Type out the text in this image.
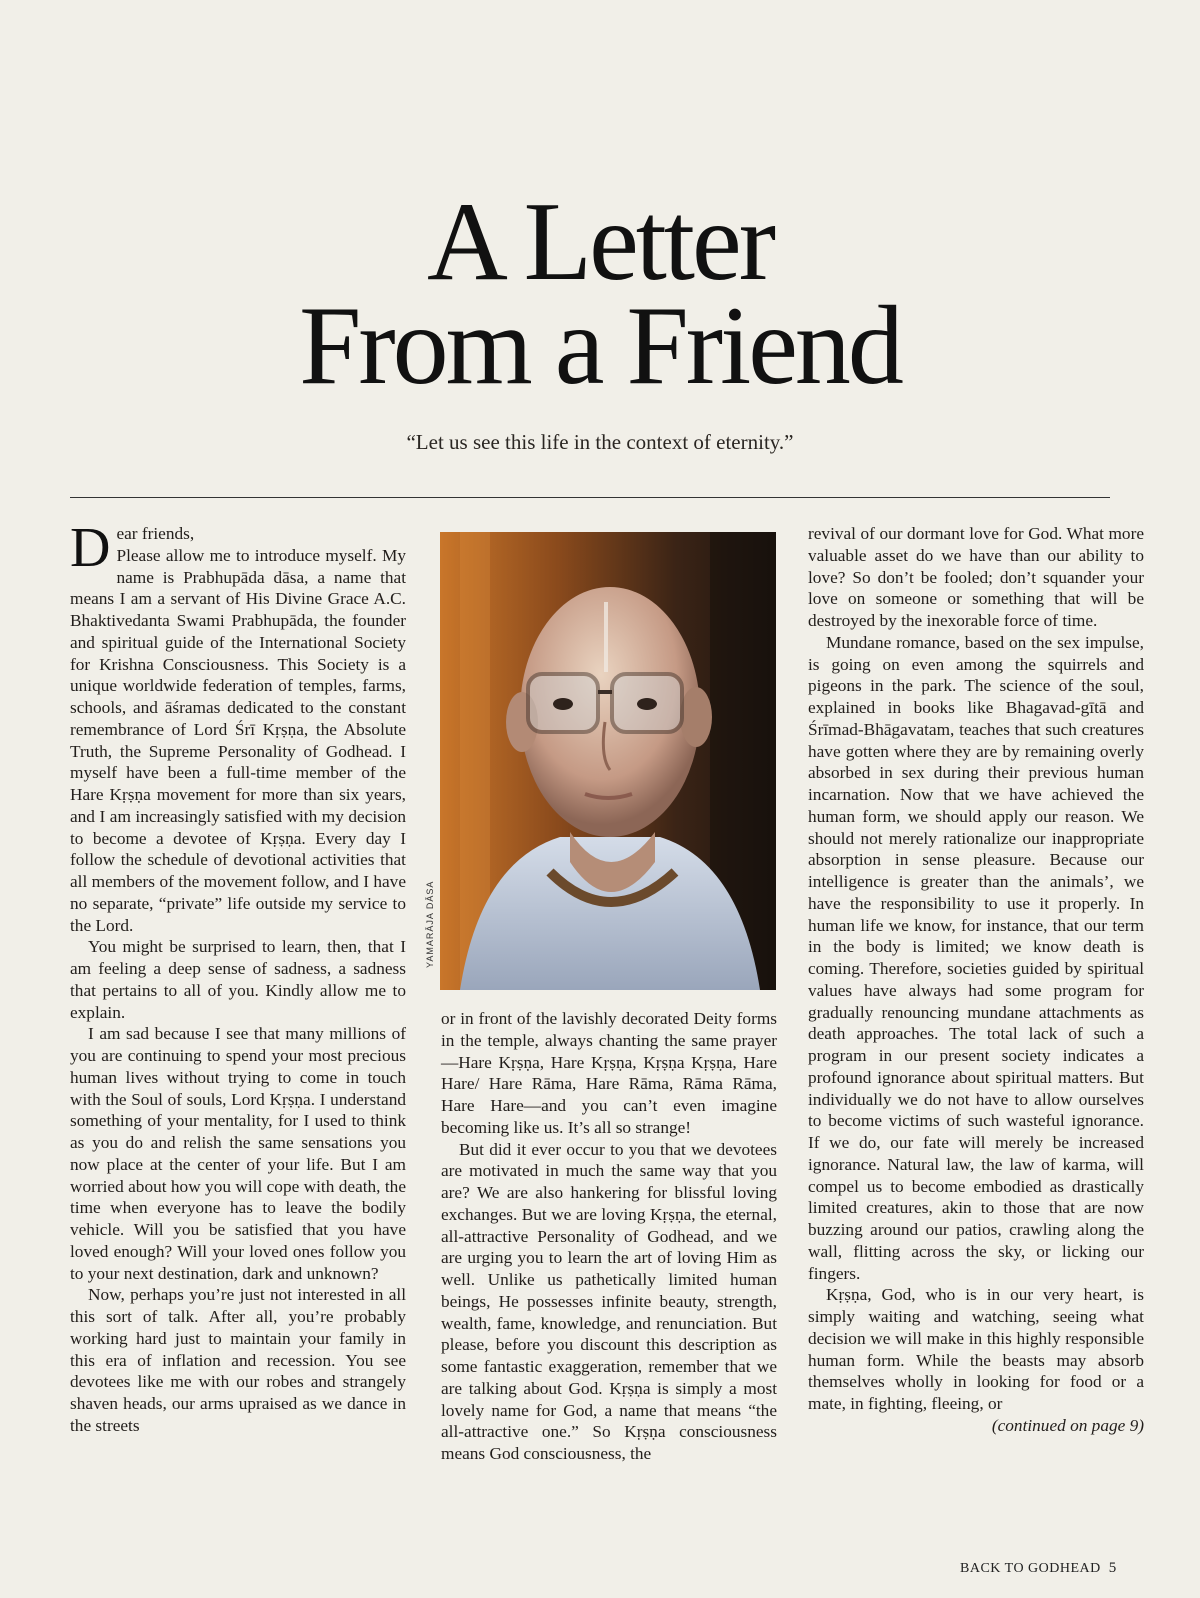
A Letter
From a Friend
“Let us see this life in the context of eternity.”

D ear friends,
Please allow me to introduce myself. My name is Prabhupāda dāsa, a name that means I am a servant of His Divine Grace A.C. Bhaktivedanta Swami Prabhupāda, the founder and spiritual guide of the International Society for Krishna Consciousness. This Society is a unique worldwide federation of temples, farms, schools, and āśramas dedicated to the constant remembrance of Lord Śrī Kṛṣṇa, the Absolute Truth, the Supreme Personality of Godhead. I myself have been a full-time member of the Hare Kṛṣṇa movement for more than six years, and I am increasingly satisfied with my decision to become a devotee of Kṛṣṇa. Every day I follow the schedule of devotional activities that all members of the movement follow, and I have no separate, “private” life outside my service to the Lord.

You might be surprised to learn, then, that I am feeling a deep sense of sadness, a sadness that pertains to all of you. Kindly allow me to explain.

I am sad because I see that many millions of you are continuing to spend your most precious human lives without trying to come in touch with the Soul of souls, Lord Kṛṣṇa. I understand something of your mentality, for I used to think as you do and relish the same sensations you now place at the center of your life. But I am worried about how you will cope with death, the time when everyone has to leave the bodily vehicle. Will you be satisfied that you have loved enough? Will your loved ones follow you to your next destination, dark and unknown?

Now, perhaps you’re just not interested in all this sort of talk. After all, you’re probably working hard just to maintain your family in this era of inflation and recession. You see devotees like me with our robes and strangely shaven heads, our arms upraised as we dance in the streets

YAMARĀJA DĀSA

or in front of the lavishly decorated Deity forms in the temple, always chanting the same prayer—Hare Kṛṣṇa, Hare Kṛṣṇa, Kṛṣṇa Kṛṣṇa, Hare Hare/ Hare Rāma, Hare Rāma, Rāma Rāma, Hare Hare—and you can’t even imagine becoming like us. It’s all so strange!

But did it ever occur to you that we devotees are motivated in much the same way that you are? We are also hankering for blissful loving exchanges. But we are loving Kṛṣṇa, the eternal, all-attractive Personality of Godhead, and we are urging you to learn the art of loving Him as well. Unlike us pathetically limited human beings, He possesses infinite beauty, strength, wealth, fame, knowledge, and renunciation. But please, before you discount this description as some fantastic exaggeration, remember that we are talking about God. Kṛṣṇa is simply a most lovely name for God, a name that means “the all-attractive one.” So Kṛṣṇa consciousness means God consciousness, the

revival of our dormant love for God. What more valuable asset do we have than our ability to love? So don’t be fooled; don’t squander your love on someone or something that will be destroyed by the inexorable force of time.

Mundane romance, based on the sex impulse, is going on even among the squirrels and pigeons in the park. The science of the soul, explained in books like Bhagavad-gītā and Śrīmad-Bhāgavatam, teaches that such creatures have gotten where they are by remaining overly absorbed in sex during their previous human incarnation. Now that we have achieved the human form, we should apply our reason. We should not merely rationalize our inappropriate absorption in sense pleasure. Because our intelligence is greater than the animals’, we have the responsibility to use it properly. In human life we know, for instance, that our term in the body is limited; we know death is coming. Therefore, societies guided by spiritual values have always had some program for gradually renouncing mundane attachments as death approaches. The total lack of such a program in our present society indicates a profound ignorance about spiritual matters. But individually we do not have to allow ourselves to become victims of such wasteful ignorance. If we do, our fate will merely be increased ignorance. Natural law, the law of karma, will compel us to become embodied as drastically limited creatures, akin to those that are now buzzing around our patios, crawling along the wall, flitting across the sky, or licking our fingers.

Kṛṣṇa, God, who is in our very heart, is simply waiting and watching, seeing what decision we will make in this highly responsible human form. While the beasts may absorb themselves wholly in looking for food or a mate, in fighting, fleeing, or

(continued on page 9)

BACK TO GODHEAD 5
